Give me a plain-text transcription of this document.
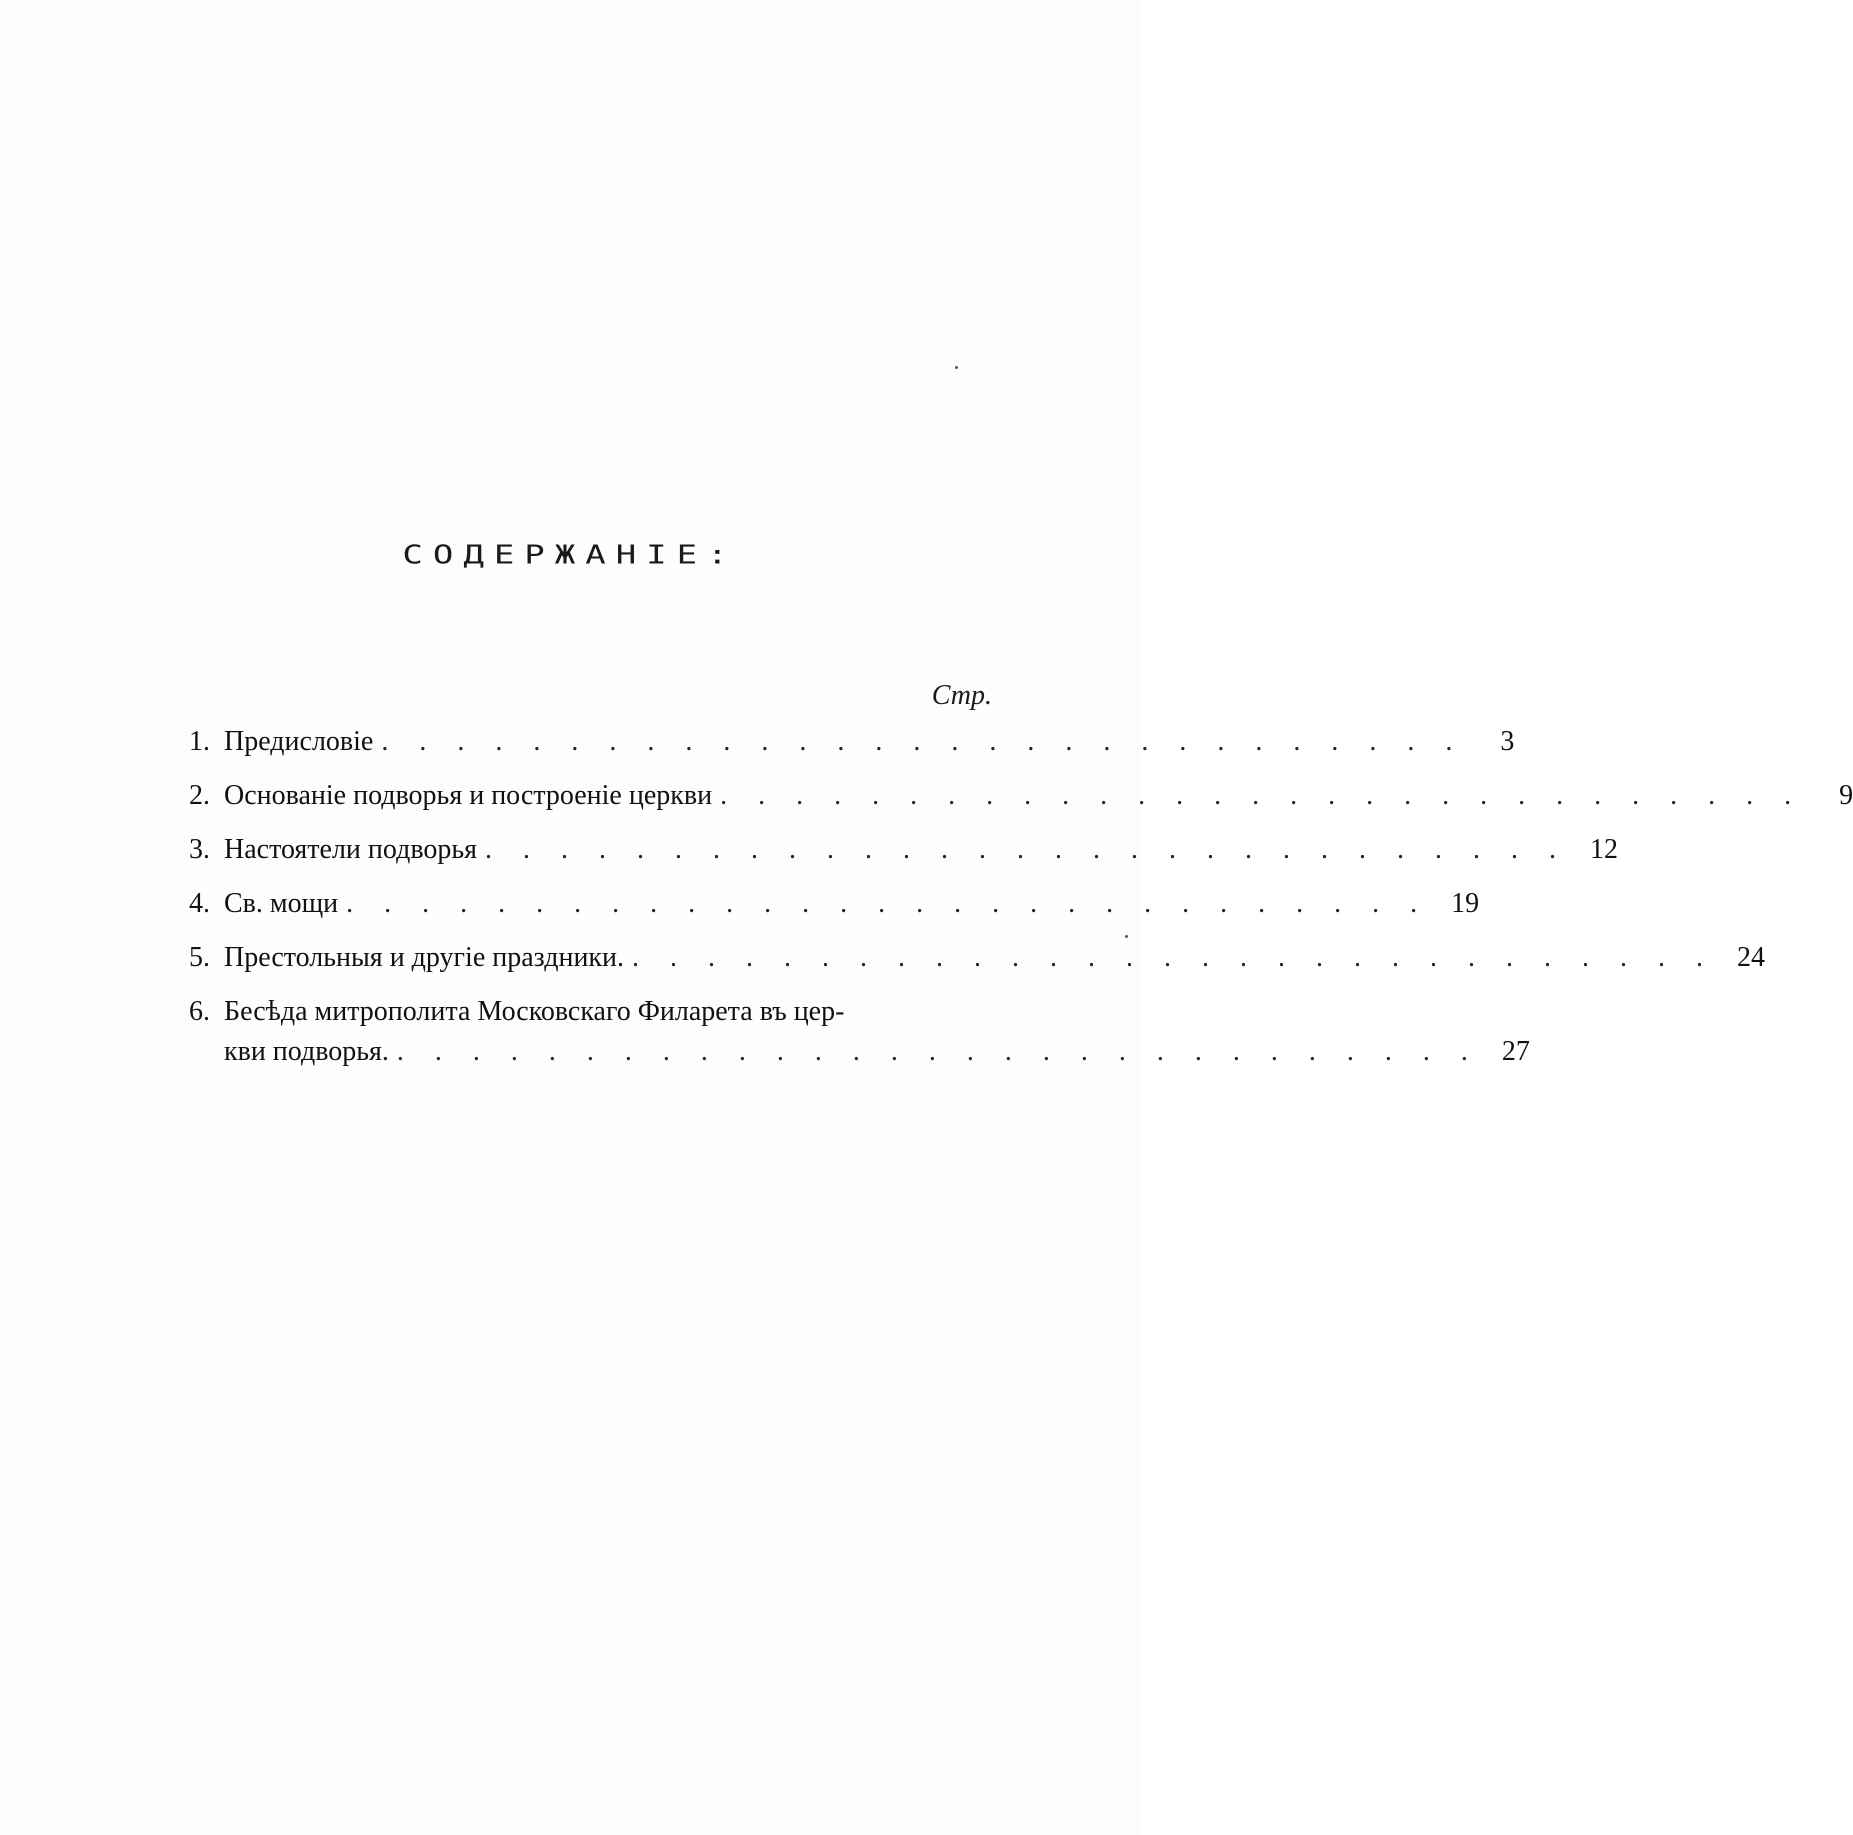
СОДЕРЖАНІЕ:
Стр.
1. Предисловіе . . . . . . . . . . . . . . . . . . . . . . . . . . . . .	3
2. Основаніе подворья и построеніе церкви . . . . . . . . . . . . . . . . . . . . . . . . . . . . .	9
3. Настоятели подворья . . . . . . . . . . . . . . . . . . . . . . . . . . . . . 12
4. Св. мощи . . . . . . . . . . . . . . . . . . . . . . . . . . . . . 19
5. Престольныя и другіе праздники. . . . . . . . . . . . . . . . . . . . . . . . . . . . . . 24
6. Бесѣда митрополита Московскаго Филарета въ цер-
кви подворья. . . . . . . . . . . . . . . . . . . . . . . . . . . . . . 27
